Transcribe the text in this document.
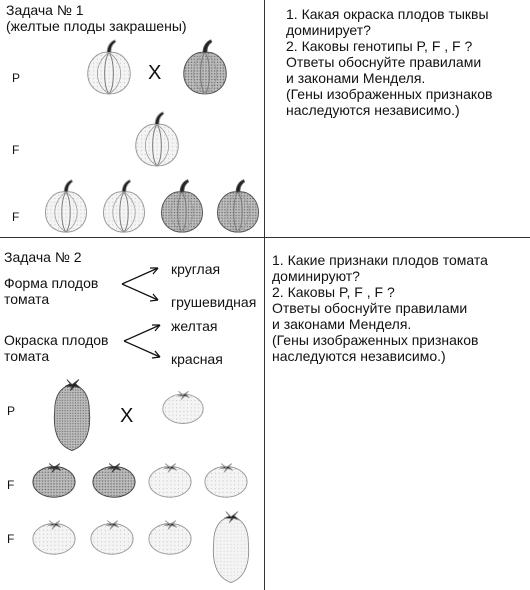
Задача № 1
(желтые плоды закрашены)
P
F
F
X
1. Какая окраска плодов тыквы
доминирует?
2. Каковы генотипы P, F , F ?
Ответы обоснуйте правилами
и законами Менделя.
(Гены изображенных признаков
наследуются независимо.)
Задача № 2
Форма плодов
томата
круглая
грушевидная
Окраска плодов
томата
желтая
красная
P
F
F
X
1. Какие признаки плодов томата
доминируют?
2. Каковы P, F , F ?
Ответы обоснуйте правилами
и законами Менделя.
(Гены изображенных признаков
наследуются независимо.)
